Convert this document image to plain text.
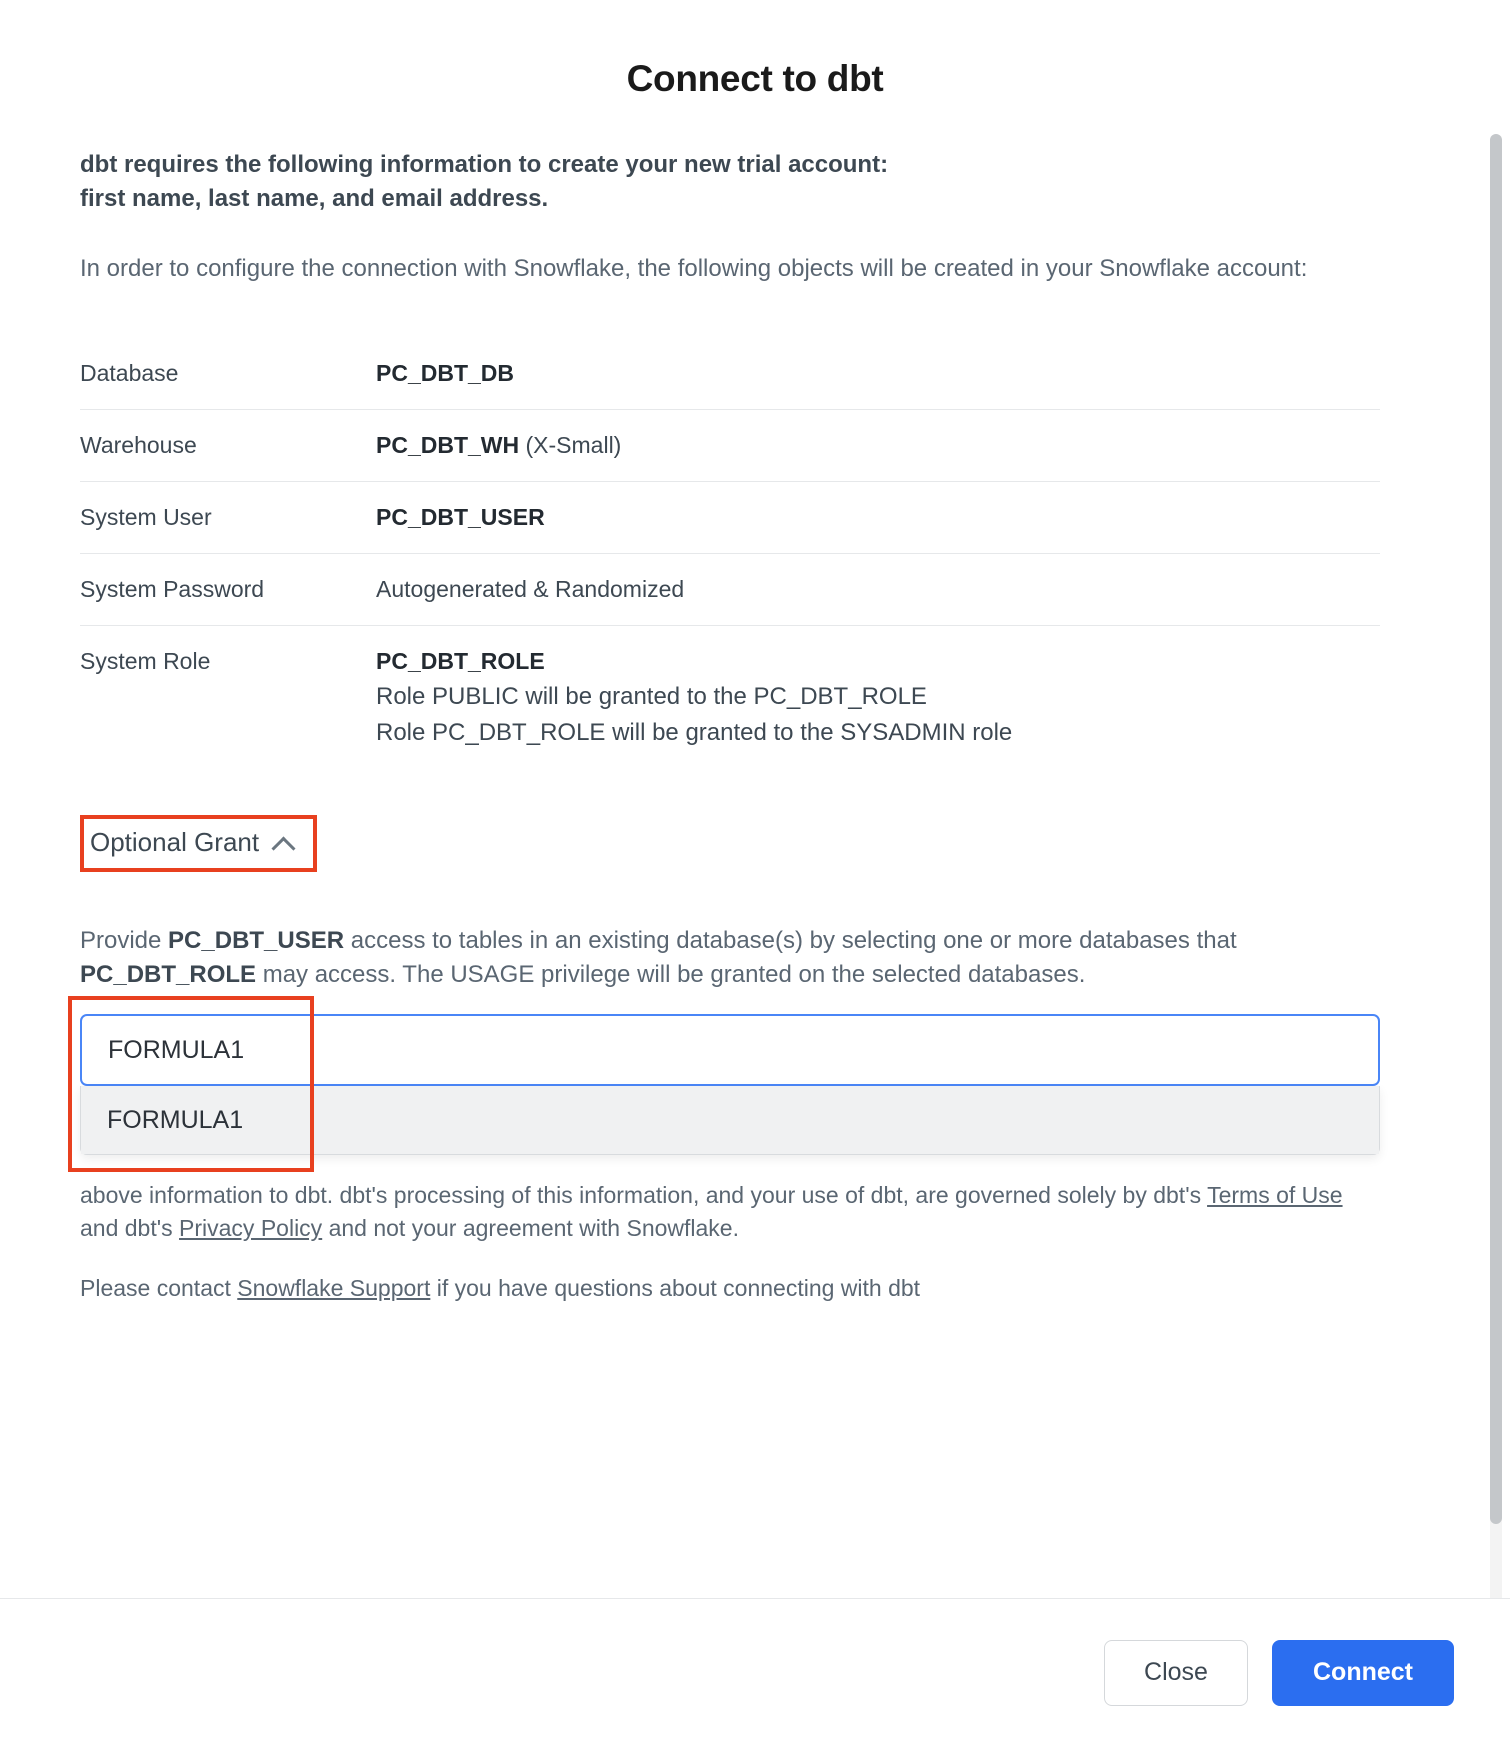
Connect to dbt
dbt requires the following information to create your new trial account:
first name, last name, and email address.
In order to configure the connection with Snowflake, the following objects will be created in your Snowflake account:
Database	PC_DBT_DB
Warehouse	PC_DBT_WH (X-Small)
System User	PC_DBT_USER
System Password	Autogenerated & Randomized
System Role	PC_DBT_ROLE
Role PUBLIC will be granted to the PC_DBT_ROLE
Role PC_DBT_ROLE will be granted to the SYSADMIN role
Optional Grant
Provide PC_DBT_USER access to tables in an existing database(s) by selecting one or more databases that PC_DBT_ROLE may access. The USAGE privilege will be granted on the selected databases.
FORMULA1
FORMULA1
above information to dbt. dbt's processing of this information, and your use of dbt, are governed solely by dbt's Terms of Use and dbt's Privacy Policy and not your agreement with Snowflake.
Please contact Snowflake Support if you have questions about connecting with dbt
Close	Connect
